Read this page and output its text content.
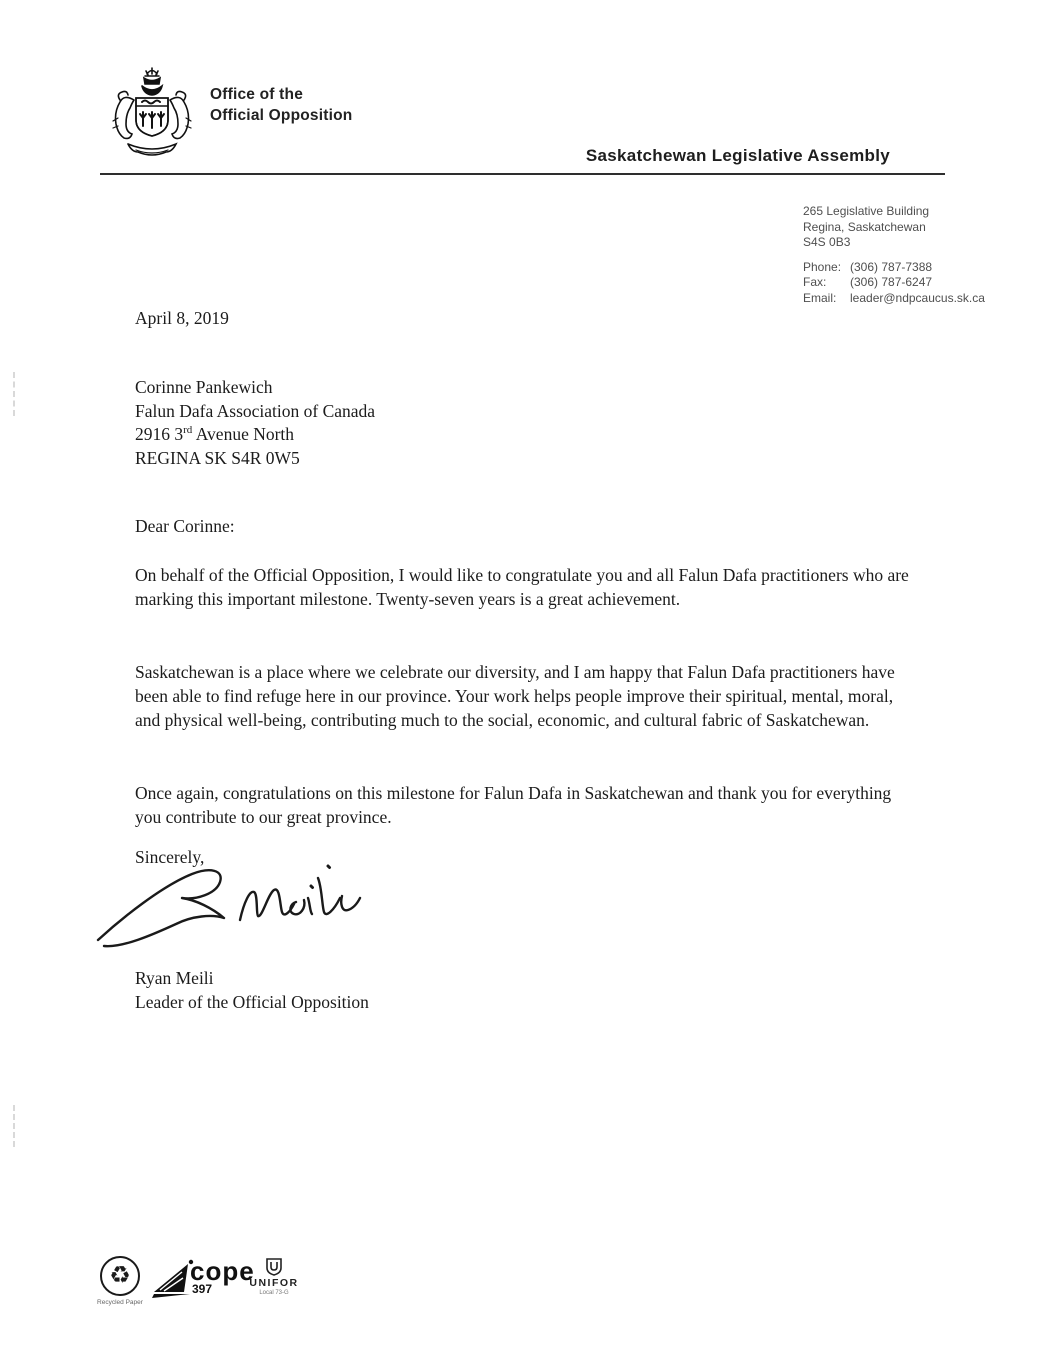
Office of the
Official Opposition
Saskatchewan Legislative Assembly
265 Legislative Building
Regina, Saskatchewan
S4S 0B3
Phone: (306) 787-7388
Fax:	(306) 787-6247
Email:	leader@ndpcaucus.sk.ca
April 8, 2019
Corinne Pankewich
Falun Dafa Association of Canada
2916 3rd Avenue North
REGINA SK S4R 0W5
Dear Corinne:
On behalf of the Official Opposition, I would like to congratulate you and all Falun Dafa practitioners who are marking this important milestone. Twenty-seven years is a great achievement.
Saskatchewan is a place where we celebrate our diversity, and I am happy that Falun Dafa practitioners have been able to find refuge here in our province. Your work helps people improve their spiritual, mental, moral, and physical well-being, contributing much to the social, economic, and cultural fabric of Saskatchewan.
Once again, congratulations on this milestone for Falun Dafa in Saskatchewan and thank you for everything you contribute to our great province.
Sincerely,
Ryan Meili
Leader of the Official Opposition
♻
Recycled Paper
cope
397	UNIFOR
Local 73-G
